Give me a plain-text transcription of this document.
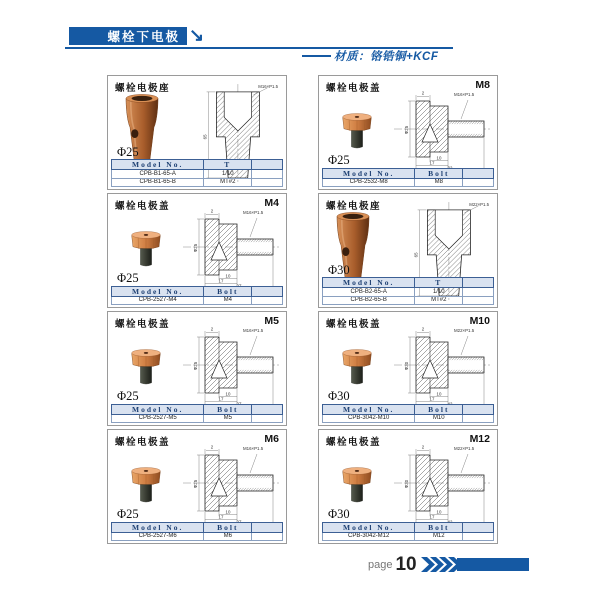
螺栓下电极 ↘
材质：铬锆铜+KCF
螺栓电极座	M16×P1.5
65
Φ25
Model No.	T	
CPB-B1-65-A	1/10	
CPB-B1-65-B	MT#2	
螺栓电极盖	M8
M16×P1.5
2
Φ25
10
17
Φ25
Model No.	Bolt	
CPB-2532-M8	M8	
螺栓电极盖	M4
M16×P1.5
2
Φ25
10
17
Φ25
Model No.	Bolt	
CPB-2527-M4	M4	
螺栓电极座	M22×P1.5
65
Φ30
Model No.	T	
CPB-B2-65-A	1/10	
CPB-B2-65-B	MT#2	
螺栓电极盖	M5
M16×P1.5
2
Φ25
10
17
Φ25
Model No.	Bolt	
CPB-2527-M5	M5	
螺栓电极盖	M10
M22×P1.5
2
Φ30
10
17
Φ30
Model No.	Bolt	
CPB-3042-M10	M10	
螺栓电极盖	M6
M16×P1.5
2
Φ25
10
17
Φ25
Model No.	Bolt	
CPB-2527-M6	M6	
螺栓电极盖	M12
M22×P1.5
2
Φ30
10
17
Φ30
Model No.	Bolt	
CPB-3042-M12	M12	
page 10
